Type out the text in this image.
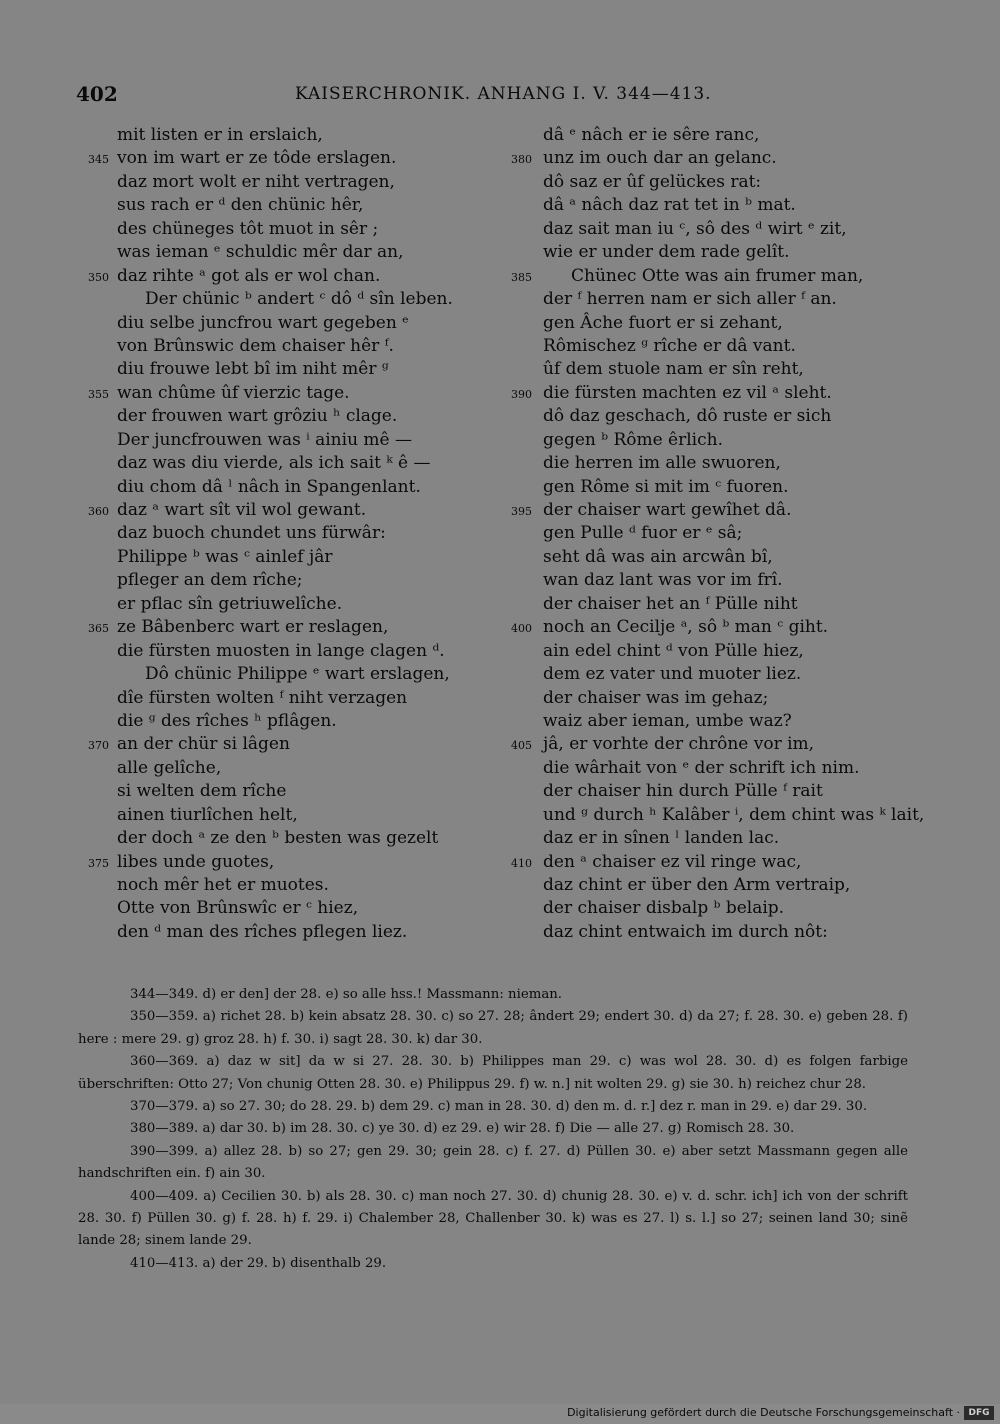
402	KAISERCHRONIK. ANHANG I. V. 344—413.
mit listen er in erslaich,
345 von im wart er ze tôde erslagen.
daz mort wolt er niht vertragen,
sus rach er ᵈ den chünic hêr,
des chüneges tôt muot in sêr ;
was ieman ᵉ schuldic mêr dar an,
350 daz rihte ᵃ got als er wol chan.
Der chünic ᵇ andert ᶜ dô ᵈ sîn leben.
diu selbe juncfrou wart gegeben ᵉ
von Brûnswic dem chaiser hêr ᶠ.
diu frouwe lebt bî im niht mêr ᵍ
355 wan chûme ûf vierzic tage.
der frouwen wart grôziu ʰ clage.
Der juncfrouwen was ⁱ ainiu mê —
daz was diu vierde, als ich sait ᵏ ê —
diu chom dâ ˡ nâch in Spangenlant.
360 daz ᵃ wart sît vil wol gewant.
daz buoch chundet uns fürwâr:
Philippe ᵇ was ᶜ ainlef jâr
pfleger an dem rîche;
er pflac sîn getriuwelîche.
365 ze Bâbenberc wart er reslagen,
die fürsten muosten in lange clagen ᵈ.
Dô chünic Philippe ᵉ wart erslagen,
dîe fürsten wolten ᶠ niht verzagen
die ᵍ des rîches ʰ pflâgen.
370 an der chür si lâgen
alle gelîche,
si welten dem rîche
ainen tiurlîchen helt,
der doch ᵃ ze den ᵇ besten was gezelt
375 libes unde guotes,
noch mêr het er muotes.
Otte von Brûnswîc er ᶜ hiez,
den ᵈ man des rîches pflegen liez.
dâ ᵉ nâch er ie sêre ranc,
380 unz im ouch dar an gelanc.
dô saz er ûf gelückes rat:
dâ ᵃ nâch daz rat tet in ᵇ mat.
daz sait man iu ᶜ, sô des ᵈ wirt ᵉ zit,
wie er under dem rade gelît.
385	Chünec Otte was ain frumer man,
der ᶠ herren nam er sich aller ᶠ an.
gen Âche fuort er si zehant,
Rômischez ᵍ rîche er dâ vant.
ûf dem stuole nam er sîn reht,
390 die fürsten machten ez vil ᵃ sleht.
dô daz geschach, dô ruste er sich
gegen ᵇ Rôme êrlich.
die herren im alle swuoren,
gen Rôme si mit im ᶜ fuoren.
395 der chaiser wart gewîhet dâ.
gen Pulle ᵈ fuor er ᵉ sâ;
seht dâ was ain arcwân bî,
wan daz lant was vor im frî.
der chaiser het an ᶠ Pülle niht
400 noch an Cecilje ᵃ, sô ᵇ man ᶜ giht.
ain edel chint ᵈ von Pülle hiez,
dem ez vater und muoter liez.
der chaiser was im gehaz;
waiz aber ieman, umbe waz?
405 jâ, er vorhte der chrône vor im,
die wârhait von ᵉ der schrift ich nim.
der chaiser hin durch Pülle ᶠ rait
und ᵍ durch ʰ Kalâber ⁱ, dem chint was ᵏ lait,
daz er in sînen ˡ landen lac.
410 den ᵃ chaiser ez vil ringe wac,
daz chint er über den Arm vertraip,
der chaiser disbalp ᵇ belaip.
daz chint entwaich im durch nôt:

344—349. d) er den] der 28. e) so alle hss.! Massmann: nieman.

350—359. a) richet 28. b) kein absatz 28. 30. c) so 27. 28; ândert 29; endert 30. d) da 27; f. 28. 30. e) geben 28. f) here : mere 29. g) groz 28. h) f. 30. i) sagt 28. 30. k) dar 30.

360—369. a) daz w sit] da w si 27. 28. 30. b) Philippes man 29. c) was wol 28. 30. d) es folgen farbige überschriften: Otto 27; Von chunig Otten 28. 30. e) Philippus 29. f) w. n.] nit wolten 29. g) sie 30. h) reichez chur 28.

370—379. a) so 27. 30; do 28. 29. b) dem 29. c) man in 28. 30. d) den m. d. r.] dez r. man in 29. e) dar 29. 30.

380—389. a) dar 30. b) im 28. 30. c) ye 30. d) ez 29. e) wir 28. f) Die — alle 27. g) Romisch 28. 30.

390—399. a) allez 28. b) so 27; gen 29. 30; gein 28. c) f. 27. d) Püllen 30. e) aber setzt Massmann gegen alle handschriften ein. f) ain 30.

400—409. a) Cecilien 30. b) als 28. 30. c) man noch 27. 30. d) chunig 28. 30. e) v. d. schr. ich] ich von der schrift 28. 30. f) Püllen 30. g) f. 28. h) f. 29. i) Chalember 28, Challenber 30. k) was es 27. l) s. l.] so 27; seinen land 30; sinẽ lande 28; sinem lande 29.

410—413. a) der 29. b) disenthalb 29.

Digitalisierung gefördert durch die Deutsche Forschungsgemeinschaft · DFG
